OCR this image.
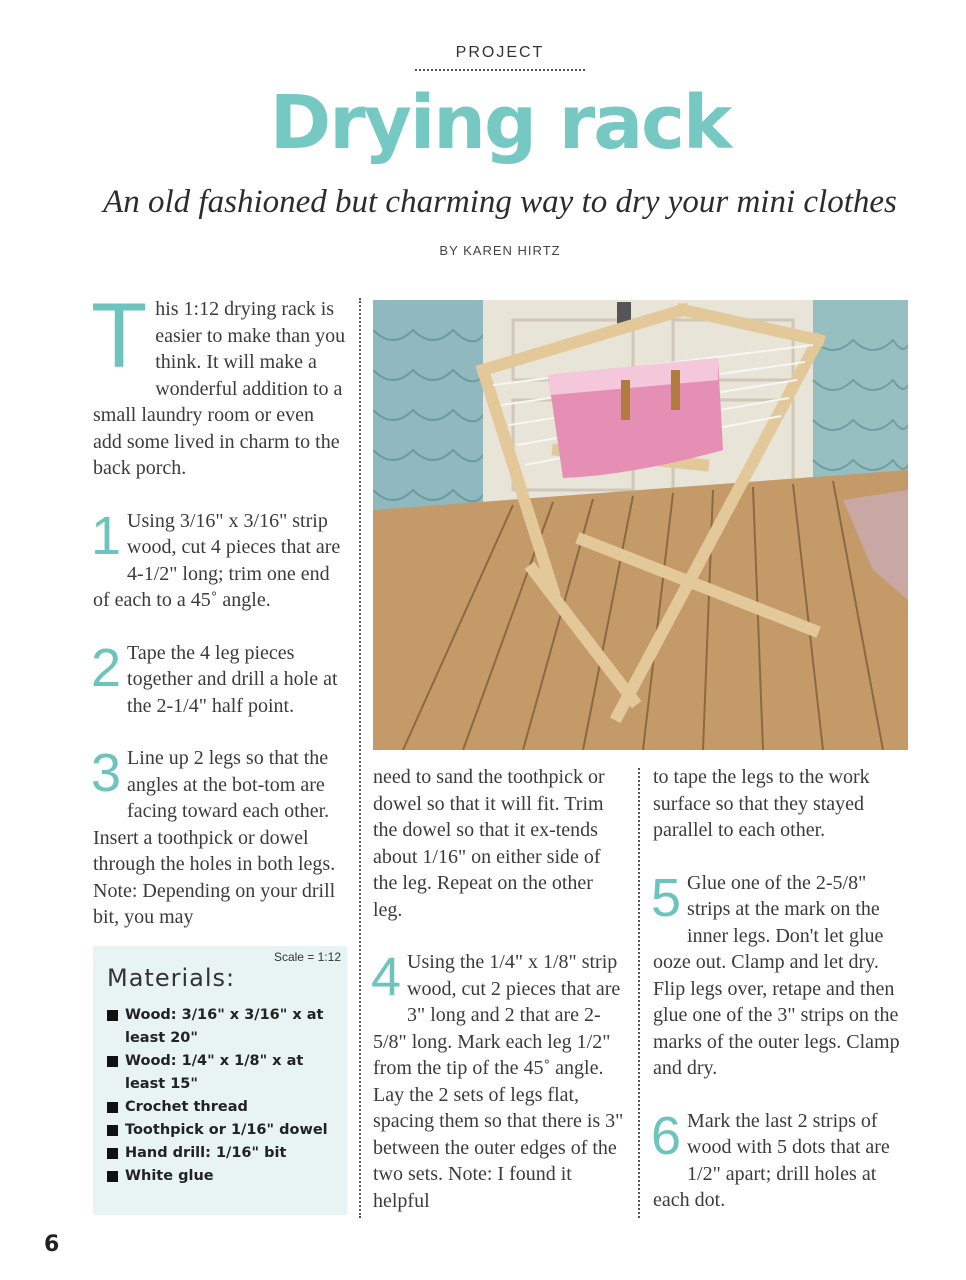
PROJECT
Drying rack
An old fashioned but charming way to dry your mini clothes
BY KAREN HIRTZ

This 1:12 drying rack is easier to make than you think. It will make a wonderful addition to a small laundry room or even add some lived in charm to the back porch.

1 Using 3/16" x 3/16" strip wood, cut 4 pieces that are 4-1/2" long; trim one end of each to a 45˚ angle.

2 Tape the 4 leg pieces together and drill a hole at the 2-1/4" half point.

3 Line up 2 legs so that the angles at the bot-tom are facing toward each other. Insert a toothpick or dowel through the holes in both legs. Note: Depending on your drill bit, you may

need to sand the toothpick or dowel so that it will fit. Trim the dowel so that it ex-tends about 1/16" on either side of the leg. Repeat on the other leg.

4 Using the 1/4" x 1/8" strip wood, cut 2 pieces that are 3" long and 2 that are 2-5/8" long. Mark each leg 1/2" from the tip of the 45˚ angle. Lay the 2 sets of legs flat, spacing them so that there is 3" between the outer edges of the two sets. Note: I found it helpful

to tape the legs to the work surface so that they stayed parallel to each other.

5 Glue one of the 2-5/8" strips at the mark on the inner legs. Don't let glue ooze out. Clamp and let dry. Flip legs over, retape and then glue one of the 3" strips on the marks of the outer legs. Clamp and dry.

6 Mark the last 2 strips of wood with 5 dots that are 1/2" apart; drill holes at each dot.

Scale = 1:12
Materials:
Wood: 3/16" x 3/16" x at least 20"
Wood: 1/4" x 1/8" x at least 15"
Crochet thread
Toothpick or 1/16" dowel
Hand drill: 1/16" bit
White glue
6
